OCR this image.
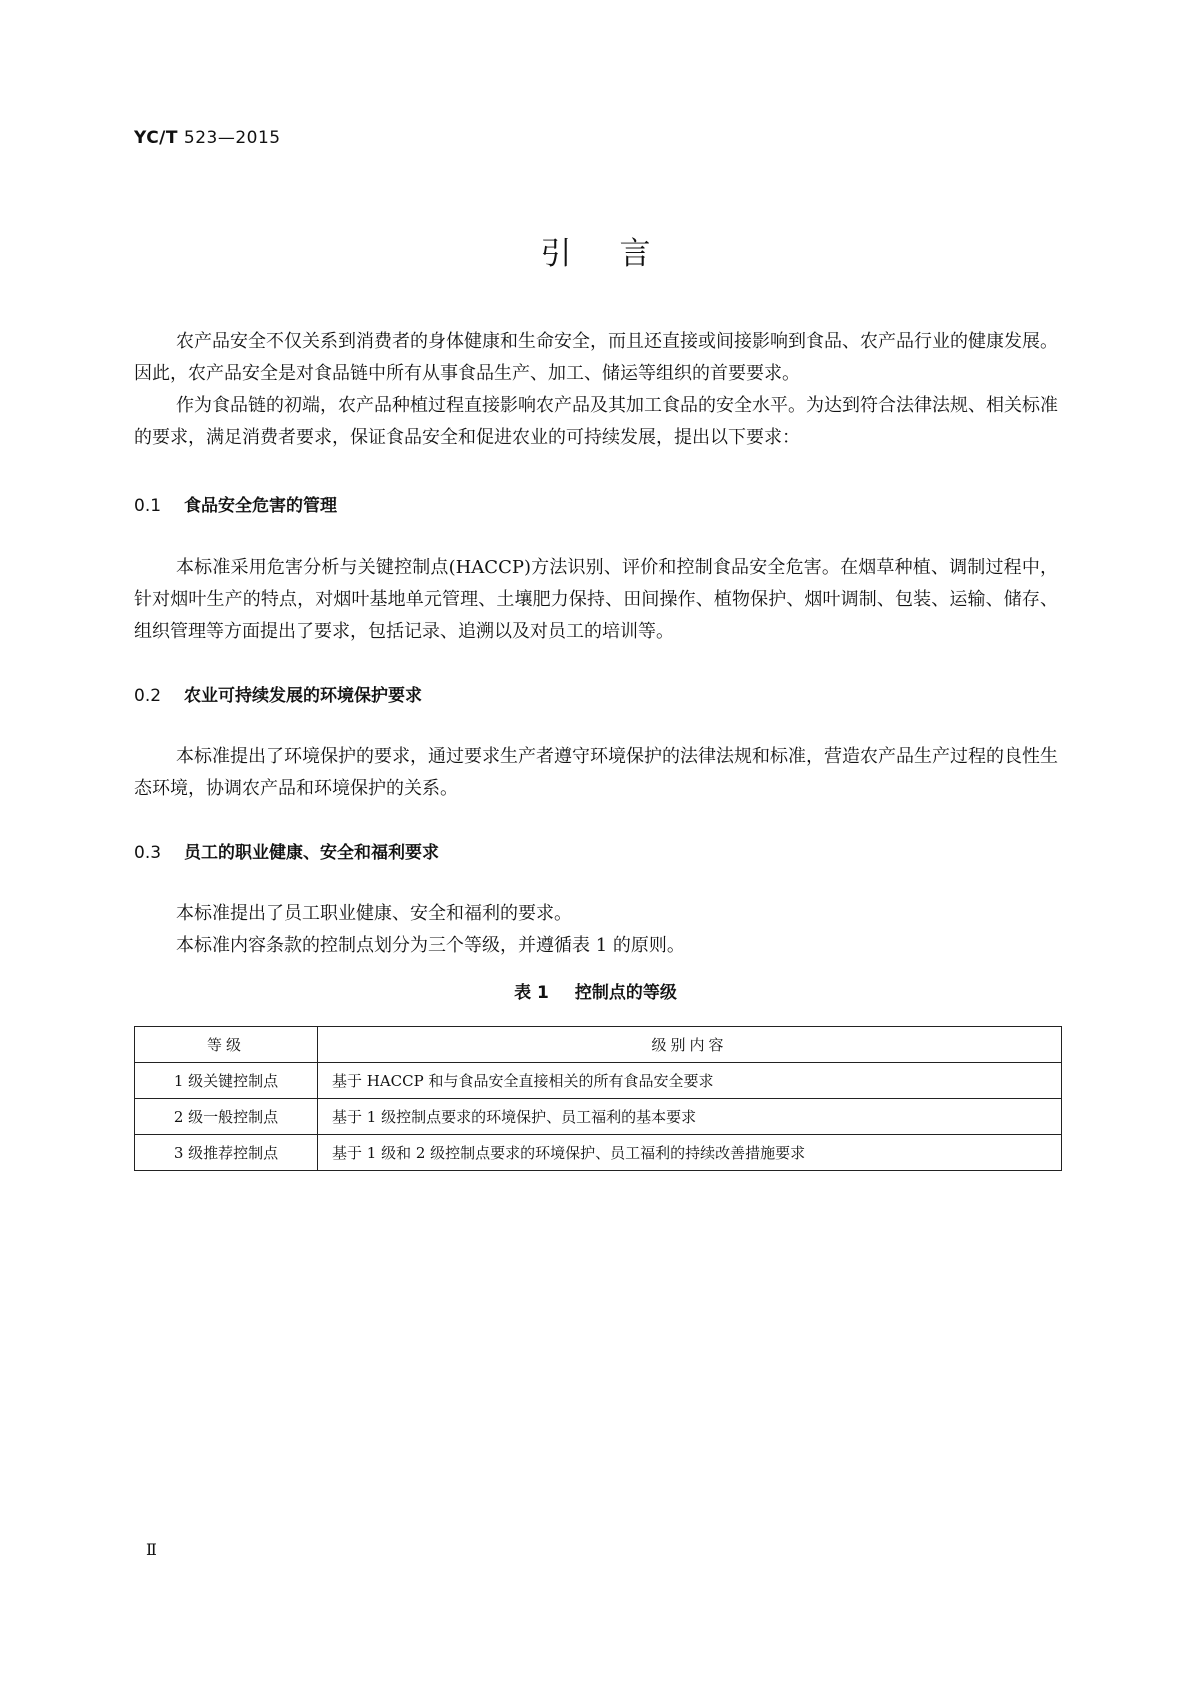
YC/T 523—2015
引言

农产品安全不仅关系到消费者的身体健康和生命安全，而且还直接或间接影响到食品、农产品行业的健康发展。因此，农产品安全是对食品链中所有从事食品生产、加工、储运等组织的首要要求。

作为食品链的初端，农产品种植过程直接影响农产品及其加工食品的安全水平。为达到符合法律法规、相关标准的要求，满足消费者要求，保证食品安全和促进农业的可持续发展，提出以下要求：

0.1 食品安全危害的管理

本标准采用危害分析与关键控制点(HACCP)方法识别、评价和控制食品安全危害。在烟草种植、调制过程中，针对烟叶生产的特点，对烟叶基地单元管理、土壤肥力保持、田间操作、植物保护、烟叶调制、包装、运输、储存、组织管理等方面提出了要求，包括记录、追溯以及对员工的培训等。

0.2 农业可持续发展的环境保护要求

本标准提出了环境保护的要求，通过要求生产者遵守环境保护的法律法规和标准，营造农产品生产过程的良性生态环境，协调农产品和环境保护的关系。

0.3 员工的职业健康、安全和福利要求

本标准提出了员工职业健康、安全和福利的要求。

本标准内容条款的控制点划分为三个等级，并遵循表 1 的原则。

表 1 控制点的等级
等级	级别内容
1 级关键控制点	基于 HACCP 和与食品安全直接相关的所有食品安全要求
2 级一般控制点	基于 1 级控制点要求的环境保护、员工福利的基本要求
3 级推荐控制点	基于 1 级和 2 级控制点要求的环境保护、员工福利的持续改善措施要求
Ⅱ
